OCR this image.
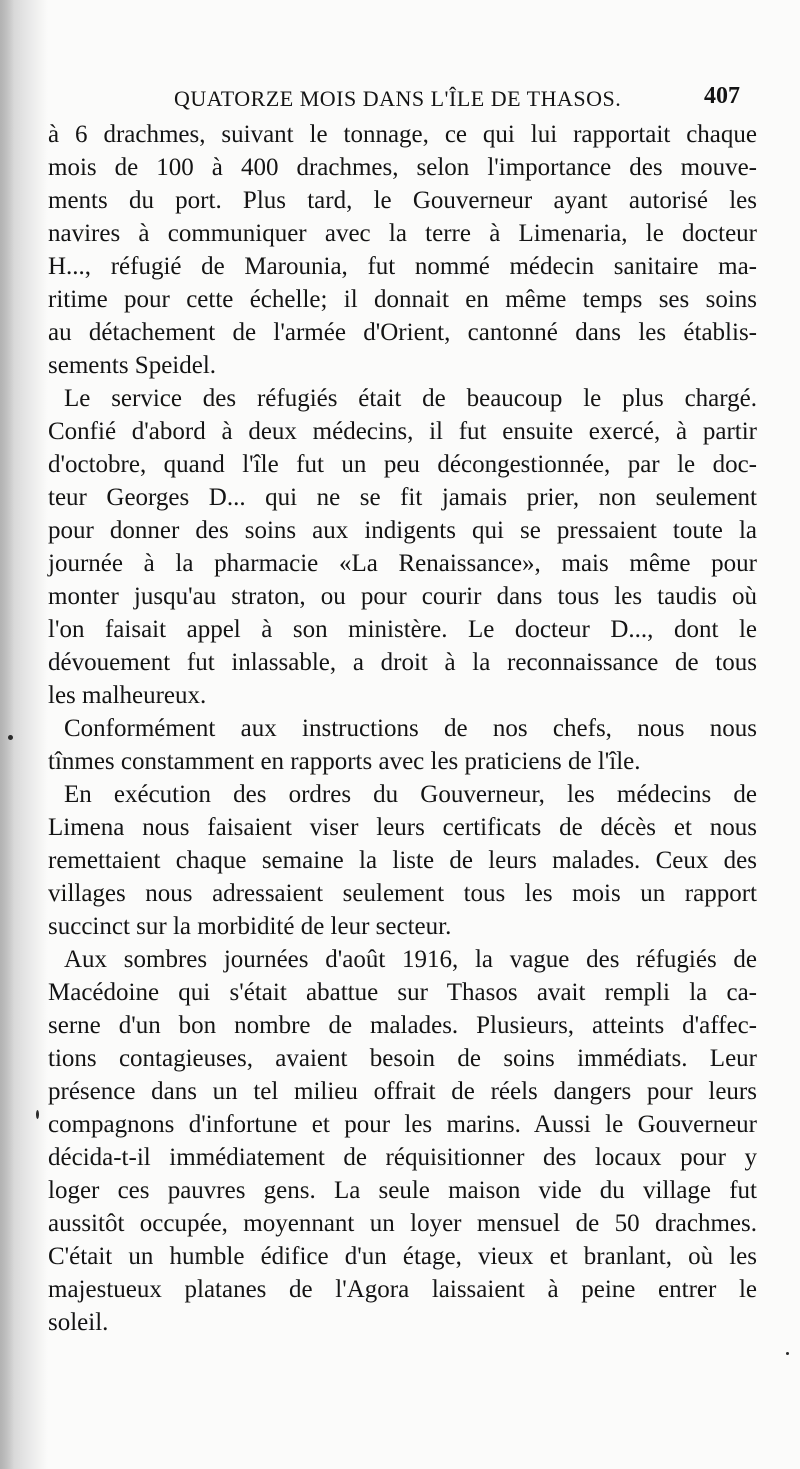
QUATORZE MOIS DANS L'ÎLE DE THASOS.	407
à 6 drachmes, suivant le tonnage, ce qui lui rapportait chaque
mois de 100 à 400 drachmes, selon l'importance des mouve-
ments du port. Plus tard, le Gouverneur ayant autorisé les
navires à communiquer avec la terre à Limenaria, le docteur
H..., réfugié de Marounia, fut nommé médecin sanitaire ma-
ritime pour cette échelle; il donnait en même temps ses soins
au détachement de l'armée d'Orient, cantonné dans les établis-
sements Speidel.
Le service des réfugiés était de beaucoup le plus chargé.
Confié d'abord à deux médecins, il fut ensuite exercé, à partir
d'octobre, quand l'île fut un peu décongestionnée, par le doc-
teur Georges D... qui ne se fit jamais prier, non seulement
pour donner des soins aux indigents qui se pressaient toute la
journée à la pharmacie «La Renaissance», mais même pour
monter jusqu'au straton, ou pour courir dans tous les taudis où
l'on faisait appel à son ministère. Le docteur D..., dont le
dévouement fut inlassable, a droit à la reconnaissance de tous
les malheureux.
Conformément aux instructions de nos chefs, nous nous
tînmes constamment en rapports avec les praticiens de l'île.
En exécution des ordres du Gouverneur, les médecins de
Limena nous faisaient viser leurs certificats de décès et nous
remettaient chaque semaine la liste de leurs malades. Ceux des
villages nous adressaient seulement tous les mois un rapport
succinct sur la morbidité de leur secteur.
Aux sombres journées d'août 1916, la vague des réfugiés de
Macédoine qui s'était abattue sur Thasos avait rempli la ca-
serne d'un bon nombre de malades. Plusieurs, atteints d'affec-
tions contagieuses, avaient besoin de soins immédiats. Leur
présence dans un tel milieu offrait de réels dangers pour leurs
compagnons d'infortune et pour les marins. Aussi le Gouverneur
décida-t-il immédiatement de réquisitionner des locaux pour y
loger ces pauvres gens. La seule maison vide du village fut
aussitôt occupée, moyennant un loyer mensuel de 50 drachmes.
C'était un humble édifice d'un étage, vieux et branlant, où les
majestueux platanes de l'Agora laissaient à peine entrer le
soleil.
